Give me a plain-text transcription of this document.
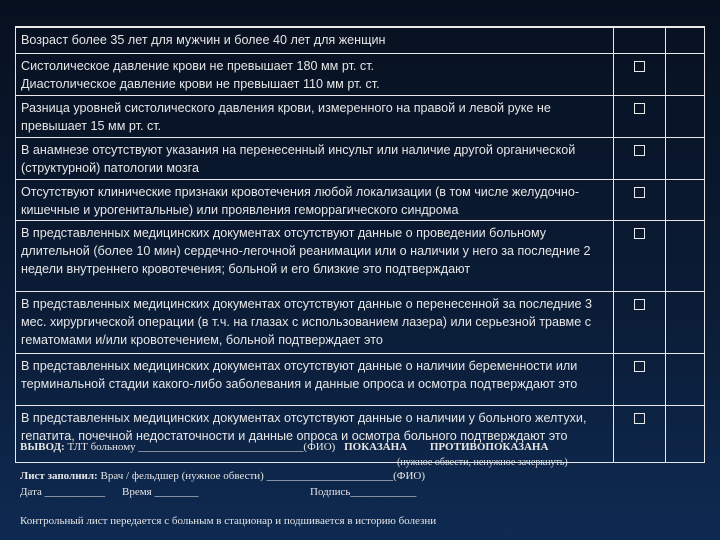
Возраст более 35 лет для мужчин и более 40 лет для женщин
Систолическое давление крови не превышает 180 мм рт. ст.
Диастолическое давление крови не превышает 110 мм рт. ст.
Разница уровней систолического давления крови, измеренного на правой и левой руке не превышает 15 мм рт. ст.
В анамнезе отсутствуют указания на перенесенный инсульт или наличие другой органической (структурной) патологии мозга
Отсутствуют клинические признаки кровотечения любой локализации (в том числе желудочно-кишечные и урогенитальные) или проявления геморрагического синдрома
В представленных медицинских документах отсутствуют данные о проведении больному длительной (более 10 мин) сердечно-легочной реанимации или о наличии у него за последние 2 недели внутреннего кровотечения; больной и его близкие это подтверждают
В представленных медицинских документах отсутствуют данные о перенесенной за последние 3 мес. хирургической операции (в т.ч. на глазах с использованием лазера) или серьезной травме с гематомами и/или кровотечением, больной подтверждает это
В представленных медицинских документах отсутствуют данные о наличии беременности или терминальной стадии какого-либо заболевания и данные опроса и осмотра подтверждают это
В представленных медицинских документах отсутствуют данные о наличии у больного желтухи, гепатита, почечной недостаточности и данные опроса и осмотра больного подтверждают это
ВЫВОД: ТЛТ больному ______________________________(ФИО) ПОКАЗАНА ПРОТИВОПОКАЗАНА
(нужное обвести, ненужное зачеркнуть)
Лист заполнил: Врач / фельдшер (нужное обвести) _______________________(ФИО)
Дата ___________ Время ________	Подпись____________
Контрольный лист передается с больным в стационар и подшивается в историю болезни
